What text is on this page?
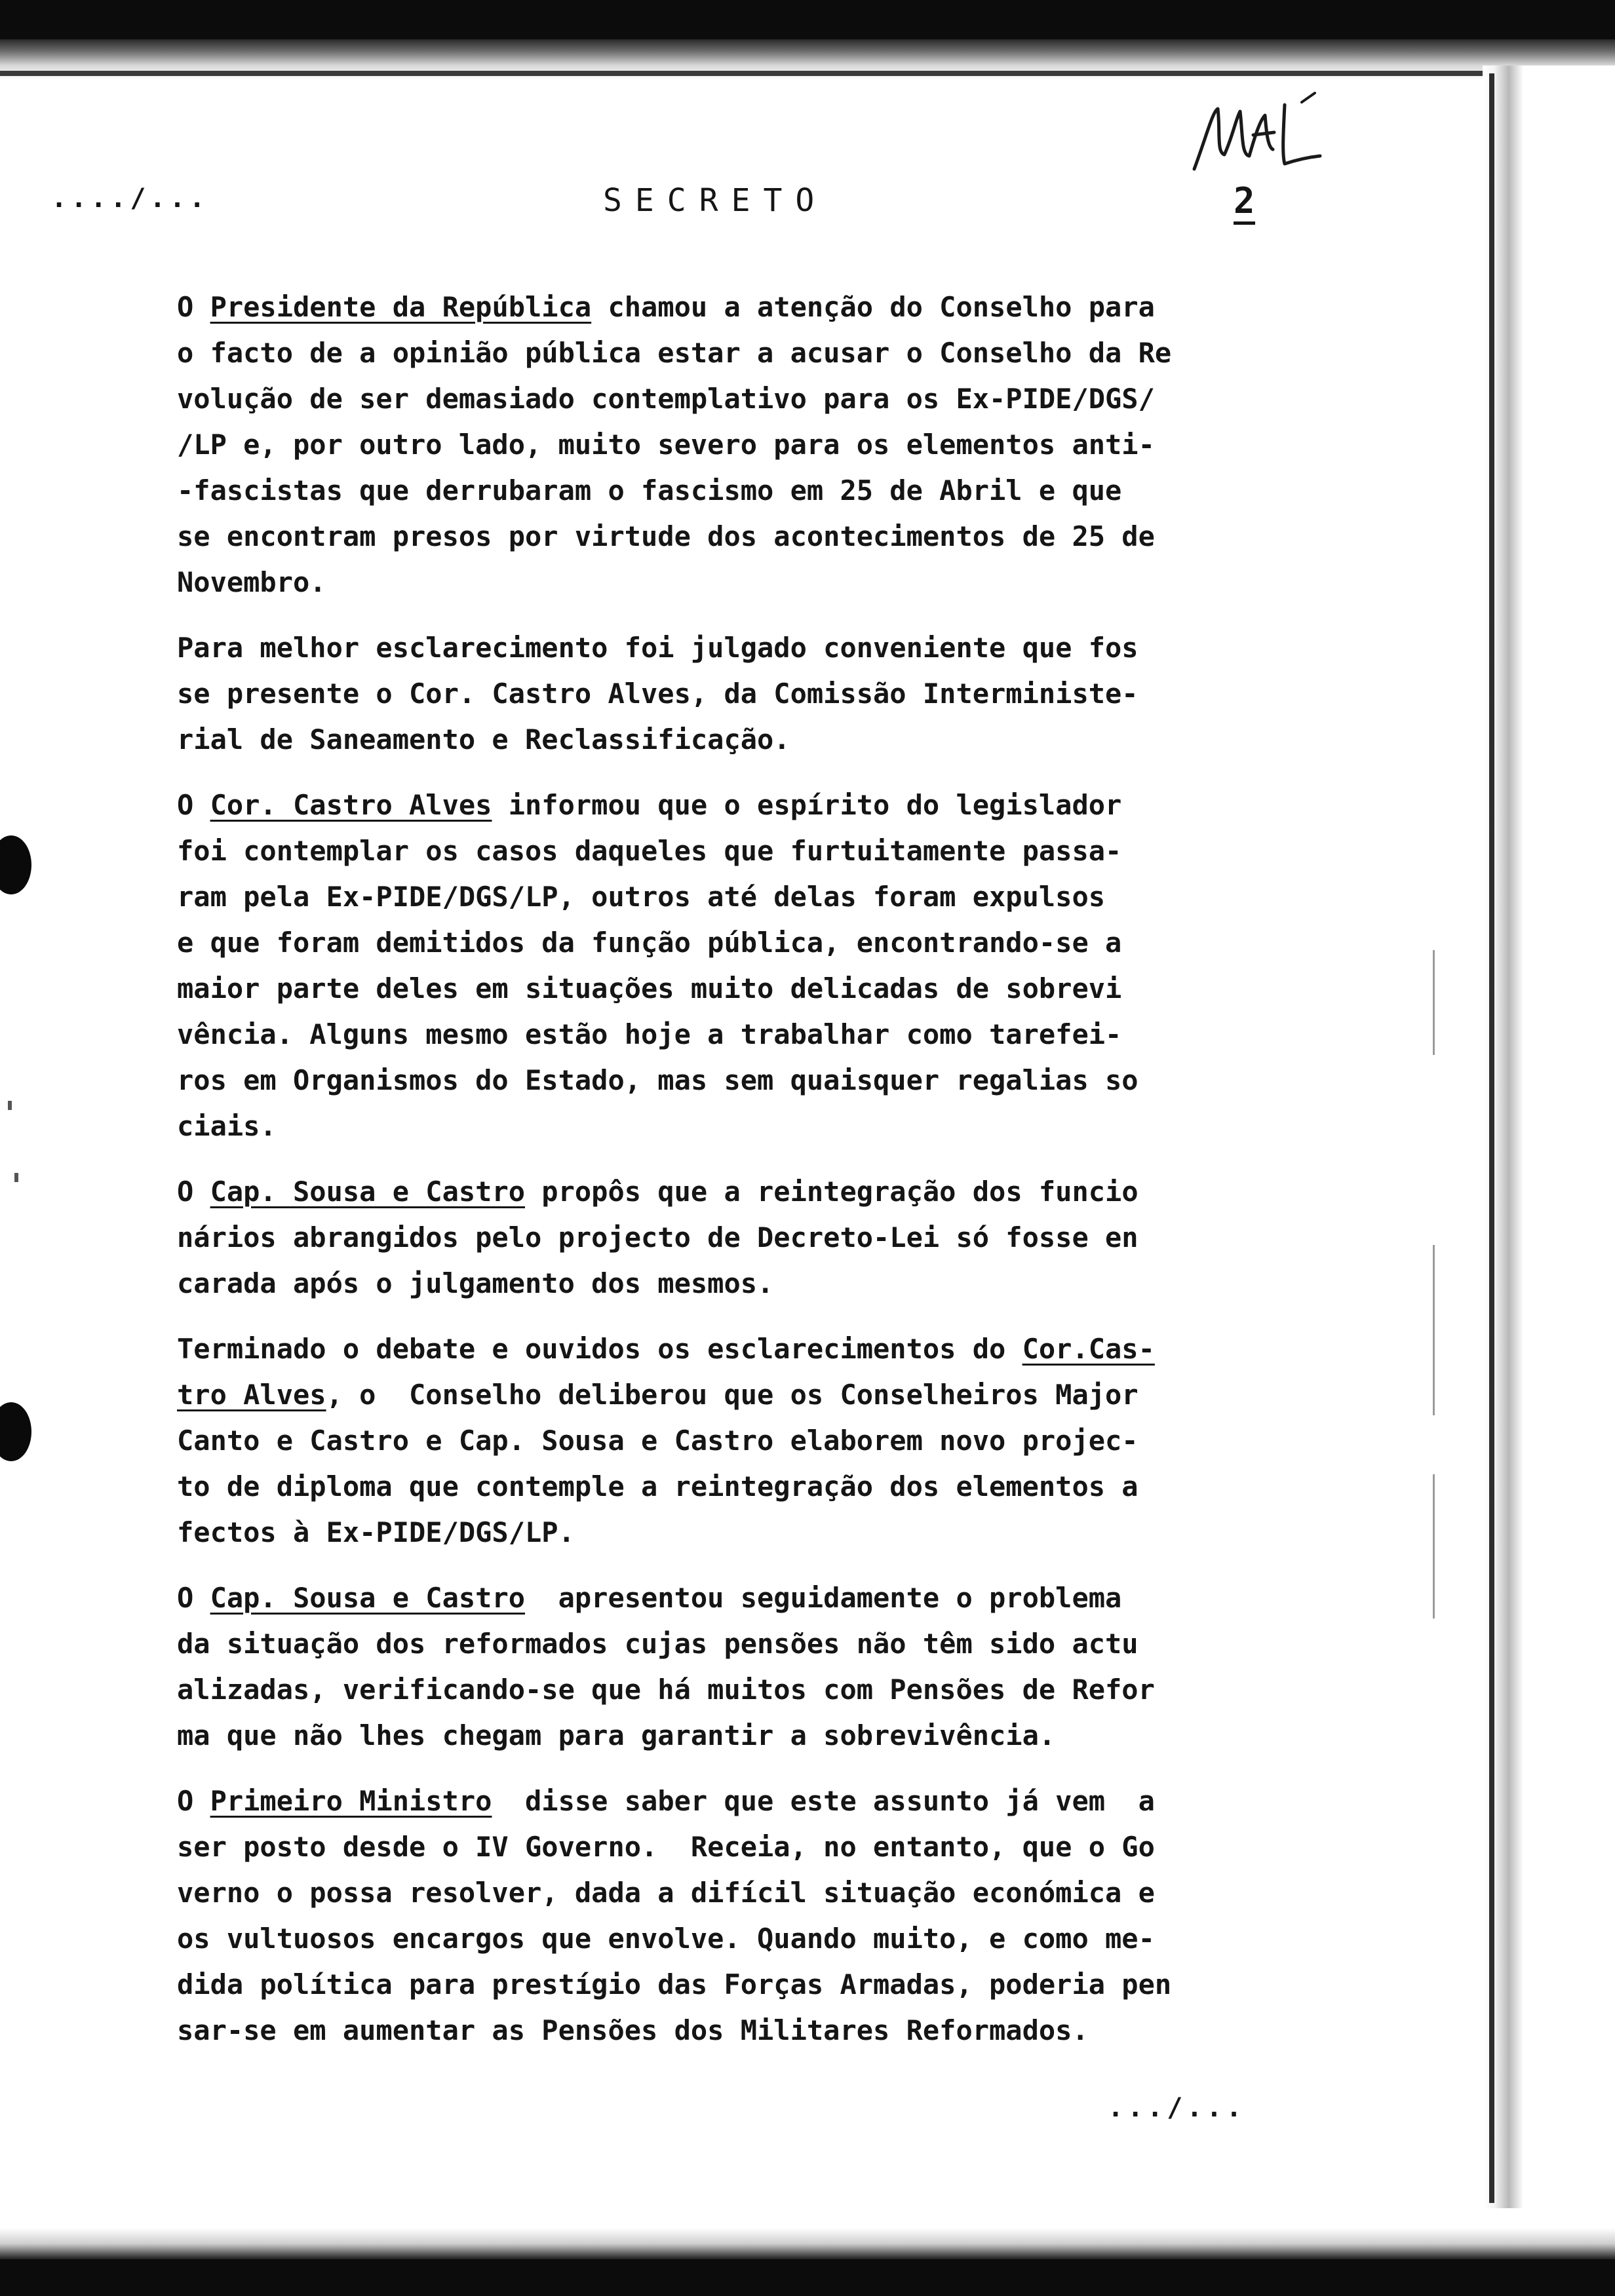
..../...	SECRETO	2
O Presidente da República chamou a atenção do Conselho para
o facto de a opinião pública estar a acusar o Conselho da Re
volução de ser demasiado contemplativo para os Ex-PIDE/DGS/
/LP e, por outro lado, muito severo para os elementos anti-
-fascistas que derrubaram o fascismo em 25 de Abril e que
se encontram presos por virtude dos acontecimentos de 25 de
Novembro.
Para melhor esclarecimento foi julgado conveniente que fos
se presente o Cor. Castro Alves, da Comissão Interministe-
rial de Saneamento e Reclassificação.
O Cor. Castro Alves informou que o espírito do legislador
foi contemplar os casos daqueles que furtuitamente passa-
ram pela Ex-PIDE/DGS/LP, outros até delas foram expulsos
e que foram demitidos da função pública, encontrando-se a
maior parte deles em situações muito delicadas de sobrevi
vência. Alguns mesmo estão hoje a trabalhar como tarefei-
ros em Organismos do Estado, mas sem quaisquer regalias so
ciais.
O Cap. Sousa e Castro propôs que a reintegração dos funcio
nários abrangidos pelo projecto de Decreto-Lei só fosse en
carada após o julgamento dos mesmos.
Terminado o debate e ouvidos os esclarecimentos do Cor.Cas-
tro Alves, o  Conselho deliberou que os Conselheiros Major
Canto e Castro e Cap. Sousa e Castro elaborem novo projec-
to de diploma que contemple a reintegração dos elementos a
fectos à Ex-PIDE/DGS/LP.
O Cap. Sousa e Castro  apresentou seguidamente o problema
da situação dos reformados cujas pensões não têm sido actu
alizadas, verificando-se que há muitos com Pensões de Refor
ma que não lhes chegam para garantir a sobrevivência.
O Primeiro Ministro  disse saber que este assunto já vem  a
ser posto desde o IV Governo.  Receia, no entanto, que o Go
verno o possa resolver, dada a difícil situação económica e
os vultuosos encargos que envolve. Quando muito, e como me-
dida política para prestígio das Forças Armadas, poderia pen
sar-se em aumentar as Pensões dos Militares Reformados.
.../...
